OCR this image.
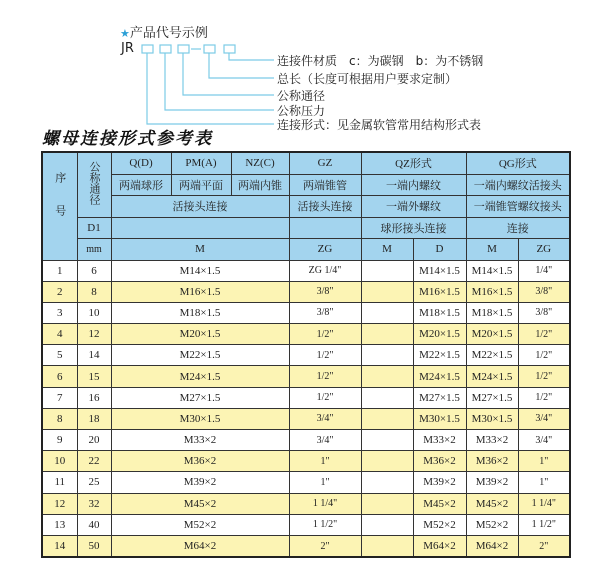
★产品代号示例
JR
连接件材质　c：为碳钢　b：为不锈钢
总长（长度可根据用户要求定制）
公称通径
公称压力
连接形式：见金属软管常用结构形式表
螺母连接形式参考表
序号	公称通径	Q(D)	PM(A)	NZ(C)	GZ	QZ形式		QG形式	
		两端球形	两端平面	两端内锥	两端锥管	一端内螺纹		一端内螺纹活接头	
		活接头连接			活接头连接	一端外螺纹		一端锥管螺纹接头	
	D1					球形接头连接		连接	
	mm	M			ZG	M	D	M	ZG
1	6	M14×1.5			ZG 1/4"		M14×1.5	M14×1.5	1/4"
2	8	M16×1.5			3/8"		M16×1.5	M16×1.5	3/8"
3	10	M18×1.5			3/8"		M18×1.5	M18×1.5	3/8"
4	12	M20×1.5			1/2"		M20×1.5	M20×1.5	1/2"
5	14	M22×1.5			1/2"		M22×1.5	M22×1.5	1/2"
6	15	M24×1.5			1/2"		M24×1.5	M24×1.5	1/2"
7	16	M27×1.5			1/2"		M27×1.5	M27×1.5	1/2"
8	18	M30×1.5			3/4"		M30×1.5	M30×1.5	3/4"
9	20	M33×2			3/4"		M33×2	M33×2	3/4"
10	22	M36×2			1"		M36×2	M36×2	1"
11	25	M39×2			1"		M39×2	M39×2	1"
12	32	M45×2			1 1/4"		M45×2	M45×2	1 1/4"
13	40	M52×2			1 1/2"		M52×2	M52×2	1 1/2"
14	50	M64×2			2"		M64×2	M64×2	2"
